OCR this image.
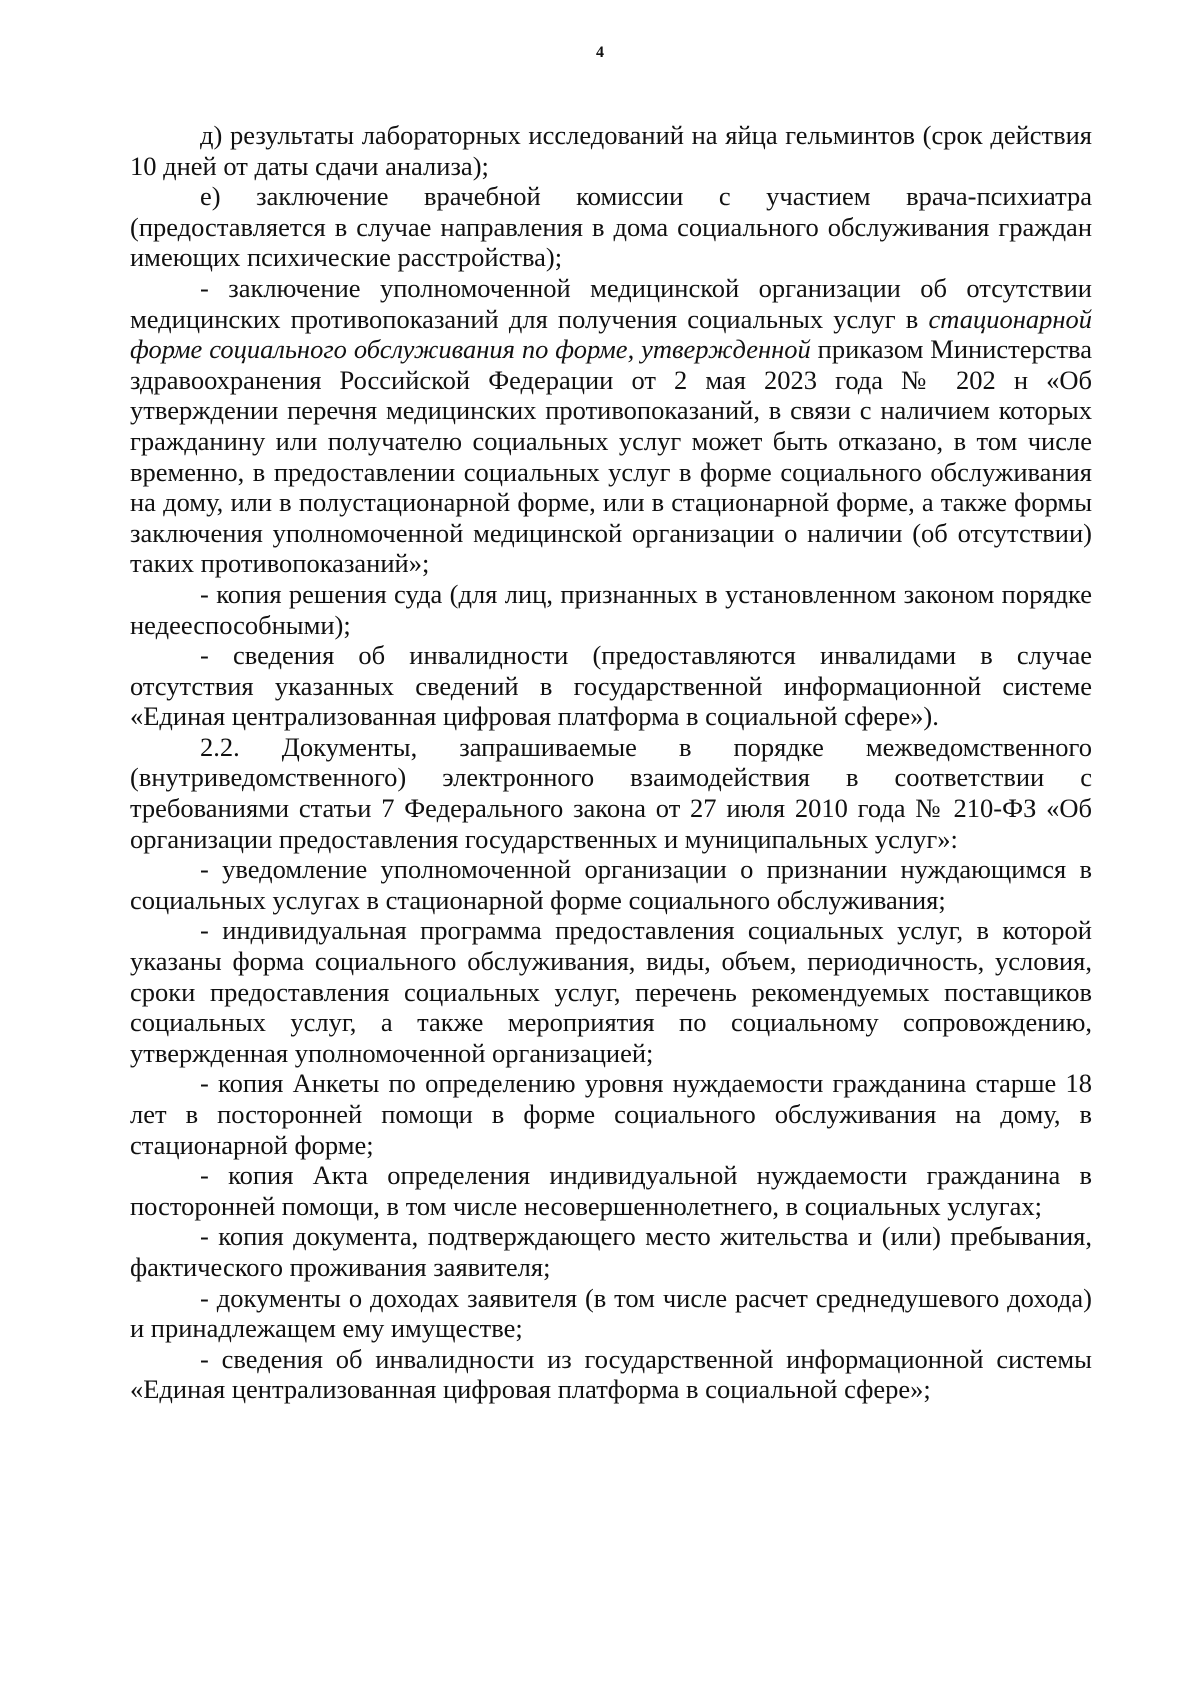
4

д) результаты лабораторных исследований на яйца гельминтов (срок действия 10 дней от даты сдачи анализа);

е) заключение врачебной комиссии с участием врача-психиатра (предоставляется в случае направления в дома социального обслуживания граждан имеющих психические расстройства);

- заключение уполномоченной медицинской организации об отсутствии медицинских противопоказаний для получения социальных услуг в стационарной форме социального обслуживания по форме, утвержденной приказом Министерства здравоохранения Российской Федерации от 2 мая 2023 года № 202 н «Об утверждении перечня медицинских противопоказаний, в связи с наличием которых гражданину или получателю социальных услуг может быть отказано, в том числе временно, в предоставлении социальных услуг в форме социального обслуживания на дому, или в полустационарной форме, или в стационарной форме, а также формы заключения уполномоченной медицинской организации о наличии (об отсутствии) таких противопоказаний»;

- копия решения суда (для лиц, признанных в установленном законом порядке недееспособными);

- сведения об инвалидности (предоставляются инвалидами в случае отсутствия указанных сведений в государственной информационной системе «Единая централизованная цифровая платформа в социальной сфере»).

2.2. Документы, запрашиваемые в порядке межведомственного (внутриведомственного) электронного взаимодействия в соответствии с требованиями статьи 7 Федерального закона от 27 июля 2010 года № 210-ФЗ «Об организации предоставления государственных и муниципальных услуг»:

- уведомление уполномоченной организации о признании нуждающимся в социальных услугах в стационарной форме социального обслуживания;

- индивидуальная программа предоставления социальных услуг, в которой указаны форма социального обслуживания, виды, объем, периодичность, условия, сроки предоставления социальных услуг, перечень рекомендуемых поставщиков социальных услуг, а также мероприятия по социальному сопровождению, утвержденная уполномоченной организацией;

- копия Анкеты по определению уровня нуждаемости гражданина старше 18 лет в посторонней помощи в форме социального обслуживания на дому, в стационарной форме;

- копия Акта определения индивидуальной нуждаемости гражданина в посторонней помощи, в том числе несовершеннолетнего, в социальных услугах;

- копия документа, подтверждающего место жительства и (или) пребывания, фактического проживания заявителя;

- документы о доходах заявителя (в том числе расчет среднедушевого дохода) и принадлежащем ему имуществе;

- сведения об инвалидности из государственной информационной системы «Единая централизованная цифровая платформа в социальной сфере»;
